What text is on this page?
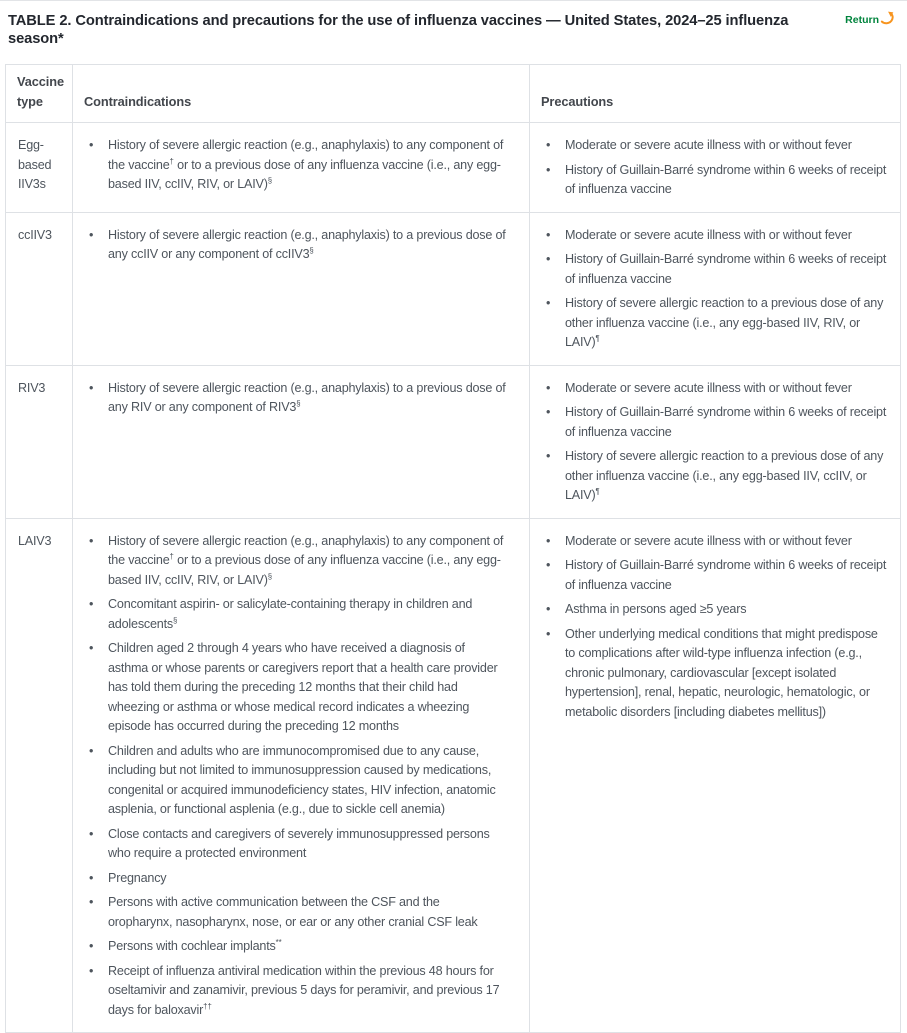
TABLE 2. Contraindications and precautions for the use of influenza vaccines — United States, 2024–25 influenza season*
Return
Vaccine type	Contraindications	Precautions
Egg-based IIV3s	
• History of severe allergic reaction (e.g., anaphylaxis) to any component of the vaccine† or to a previous dose of any influenza vaccine (i.e., any egg-based IIV, ccIIV, RIV, or LAIV)§

• Moderate or severe acute illness with or without fever
• History of Guillain-Barré syndrome within 6 weeks of receipt of influenza vaccine

ccIIV3	
•History of severe allergic reaction (e.g., anaphylaxis) to a previous dose of any ccIIV or any component of ccIIV3§

• Moderate or severe acute illness with or without fever
• History of Guillain-Barré syndrome within 6 weeks of receipt of influenza vaccine
• History of severe allergic reaction to a previous dose of any other influenza vaccine (i.e., any egg-based IIV, RIV, or LAIV)¶

RIV3	
•History of severe allergic reaction (e.g., anaphylaxis) to a previous dose of any RIV or any component of RIV3§

• Moderate or severe acute illness with or without fever
• History of Guillain-Barré syndrome within 6 weeks of receipt of influenza vaccine
• History of severe allergic reaction to a previous dose of any other influenza vaccine (i.e., any egg-based IIV, ccIIV, or LAIV)¶

LAIV3	
•History of severe allergic reaction (e.g., anaphylaxis) to any component of the vaccine† or to a previous dose of any influenza vaccine (i.e., any egg-based IIV, ccIIV, RIV, or LAIV)§
• Concomitant aspirin- or salicylate-containing therapy in children and adolescents§
• Children aged 2 through 4 years who have received a diagnosis of asthma or whose parents or caregivers report that a health care provider has told them during the preceding 12 months that their child had wheezing or asthma or whose medical record indicates a wheezing episode has occurred during the preceding 12 months
• Children and adults who are immunocompromised due to any cause, including but not limited to immunosuppression caused by medications, congenital or acquired immunodeficiency states, HIV infection, anatomic asplenia, or functional asplenia (e.g., due to sickle cell anemia)
• Close contacts and caregivers of severely immunosuppressed persons who require a protected environment
• Pregnancy
• Persons with active communication between the CSF and the oropharynx, nasopharynx, nose, or ear or any other cranial CSF leak
• Persons with cochlear implants**
• Receipt of influenza antiviral medication within the previous 48 hours for oseltamivir and zanamivir, previous 5 days for peramivir, and previous 17 days for baloxavir††

• Moderate or severe acute illness with or without fever
• History of Guillain-Barré syndrome within 6 weeks of receipt of influenza vaccine
• Asthma in persons aged ≥5 years
• Other underlying medical conditions that might predispose to complications after wild-type influenza infection (e.g., chronic pulmonary, cardiovascular [except isolated hypertension], renal, hepatic, neurologic, hematologic, or metabolic disorders [including diabetes mellitus])
